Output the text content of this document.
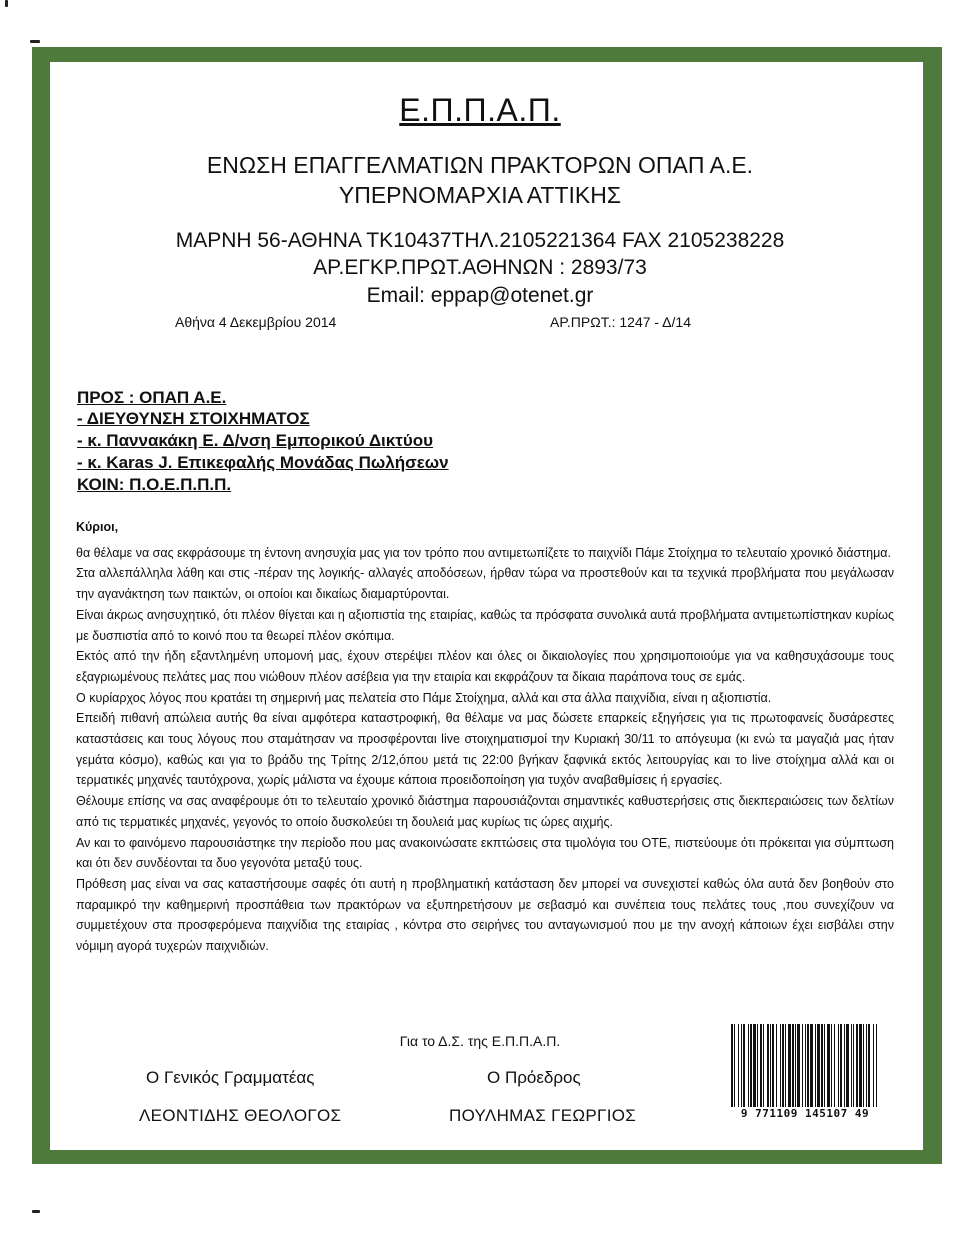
Ε.Π.Π.Α.Π.
ΕΝΩΣΗ ΕΠΑΓΓΕΛΜΑΤΙΩΝ ΠΡΑΚΤΟΡΩΝ ΟΠΑΠ Α.Ε.
ΥΠΕΡΝΟΜΑΡΧΙΑ ΑΤΤΙΚΗΣ
ΜΑΡΝΗ 56-ΑΘΗΝΑ ΤΚ10437ΤΗΛ.2105221364 FAX 2105238228
ΑΡ.ΕΓΚΡ.ΠΡΩΤ.ΑΘΗΝΩΝ : 2893/73
Email: eppap@otenet.gr
Αθήνα 4 Δεκεμβρίου 2014	ΑΡ.ΠΡΩΤ.: 1247 - Δ/14
ΠΡΟΣ : ΟΠΑΠ Α.Ε.
- ΔΙΕΥΘΥΝΣΗ ΣΤΟΙΧΗΜΑΤΟΣ
- κ. Παννακάκη Ε. Δ/νση Εμπορικού Δικτύου
- κ. Karas J. Επικεφαλής Μονάδας Πωλήσεων
ΚΟΙΝ: Π.Ο.Ε.Π.Π.Π.

Κύριοι,

θα θέλαμε να σας εκφράσουμε τη έντονη ανησυχία μας για τον τρόπο που αντιμετωπίζετε το παιχνίδι Πάμε Στοίχημα το τελευταίο χρονικό διάστημα.

Στα αλλεπάλληλα λάθη και στις -πέραν της λογικής- αλλαγές αποδόσεων, ήρθαν τώρα να προστεθούν και τα τεχνικά προβλήματα που μεγάλωσαν την αγανάκτηση των παικτών, οι οποίοι και δικαίως διαμαρτύρονται.

Είναι άκρως ανησυχητικό, ότι πλέον θίγεται και η αξιοπιστία της εταιρίας, καθώς τα πρόσφατα συνολικά αυτά προβλήματα αντιμετωπίστηκαν κυρίως με δυσπιστία από το κοινό που τα θεωρεί πλέον σκόπιμα.

Εκτός από την ήδη εξαντλημένη υπομονή μας, έχουν στερέψει πλέον και όλες οι δικαιολογίες που χρησιμοποιούμε για να καθησυχάσουμε τους εξαγριωμένους πελάτες μας που νιώθουν πλέον ασέβεια για την εταιρία και εκφράζουν τα δίκαια παράπονα τους σε εμάς.

Ο κυρίαρχος λόγος που κρατάει τη σημερινή μας πελατεία στο Πάμε Στοίχημα, αλλά και στα άλλα παιχνίδια, είναι η αξιοπιστία.

Επειδή πιθανή απώλεια αυτής θα είναι αμφότερα καταστροφική, θα θέλαμε να μας δώσετε επαρκείς εξηγήσεις για τις πρωτοφανείς δυσάρεστες καταστάσεις και τους λόγους που σταμάτησαν να προσφέρονται live στοιχηματισμοί την Κυριακή 30/11 το απόγευμα (κι ενώ τα μαγαζιά μας ήταν γεμάτα κόσμο), καθώς και για το βράδυ της Τρίτης 2/12,όπου μετά τις 22:00 βγήκαν ξαφνικά εκτός λειτουργίας και το live στοίχημα αλλά και οι τερματικές μηχανές ταυτόχρονα, χωρίς μάλιστα να έχουμε κάποια προειδοποίηση για τυχόν αναβαθμίσεις ή εργασίες.

Θέλουμε επίσης να σας αναφέρουμε ότι το τελευταίο χρονικό διάστημα παρουσιάζονται σημαντικές καθυστερήσεις στις διεκπεραιώσεις των δελτίων από τις τερματικές μηχανές, γεγονός το οποίο δυσκολεύει τη δουλειά μας κυρίως τις ώρες αιχμής.

Αν και το φαινόμενο παρουσιάστηκε την περίοδο που μας ανακοινώσατε εκπτώσεις στα τιμολόγια του ΟΤΕ, πιστεύουμε ότι πρόκειται για σύμπτωση και ότι δεν συνδέονται τα δυο γεγονότα μεταξύ τους.

Πρόθεση μας είναι να σας καταστήσουμε σαφές ότι αυτή η προβληματική κατάσταση δεν μπορεί να συνεχιστεί καθώς όλα αυτά δεν βοηθούν στο παραμικρό την καθημερινή προσπάθεια των πρακτόρων να εξυπηρετήσουν με σεβασμό και συνέπεια τους πελάτες τους ,που συνεχίζουν να συμμετέχουν στα προσφερόμενα παιχνίδια της εταιρίας , κόντρα στο σειρήνες του ανταγωνισμού που με την ανοχή κάποιων έχει εισβάλει στην νόμιμη αγορά τυχερών παιχνιδιών.

Για το Δ.Σ. της Ε.Π.Π.Α.Π.
Ο Γενικός Γραμματέας
ΛΕΟΝΤΙΔΗΣ ΘΕΟΛΟΓΟΣ
Ο Πρόεδρος
ΠΟΥΛΗΜΑΣ ΓΕΩΡΓΙΟΣ	9 771109 145107 49
